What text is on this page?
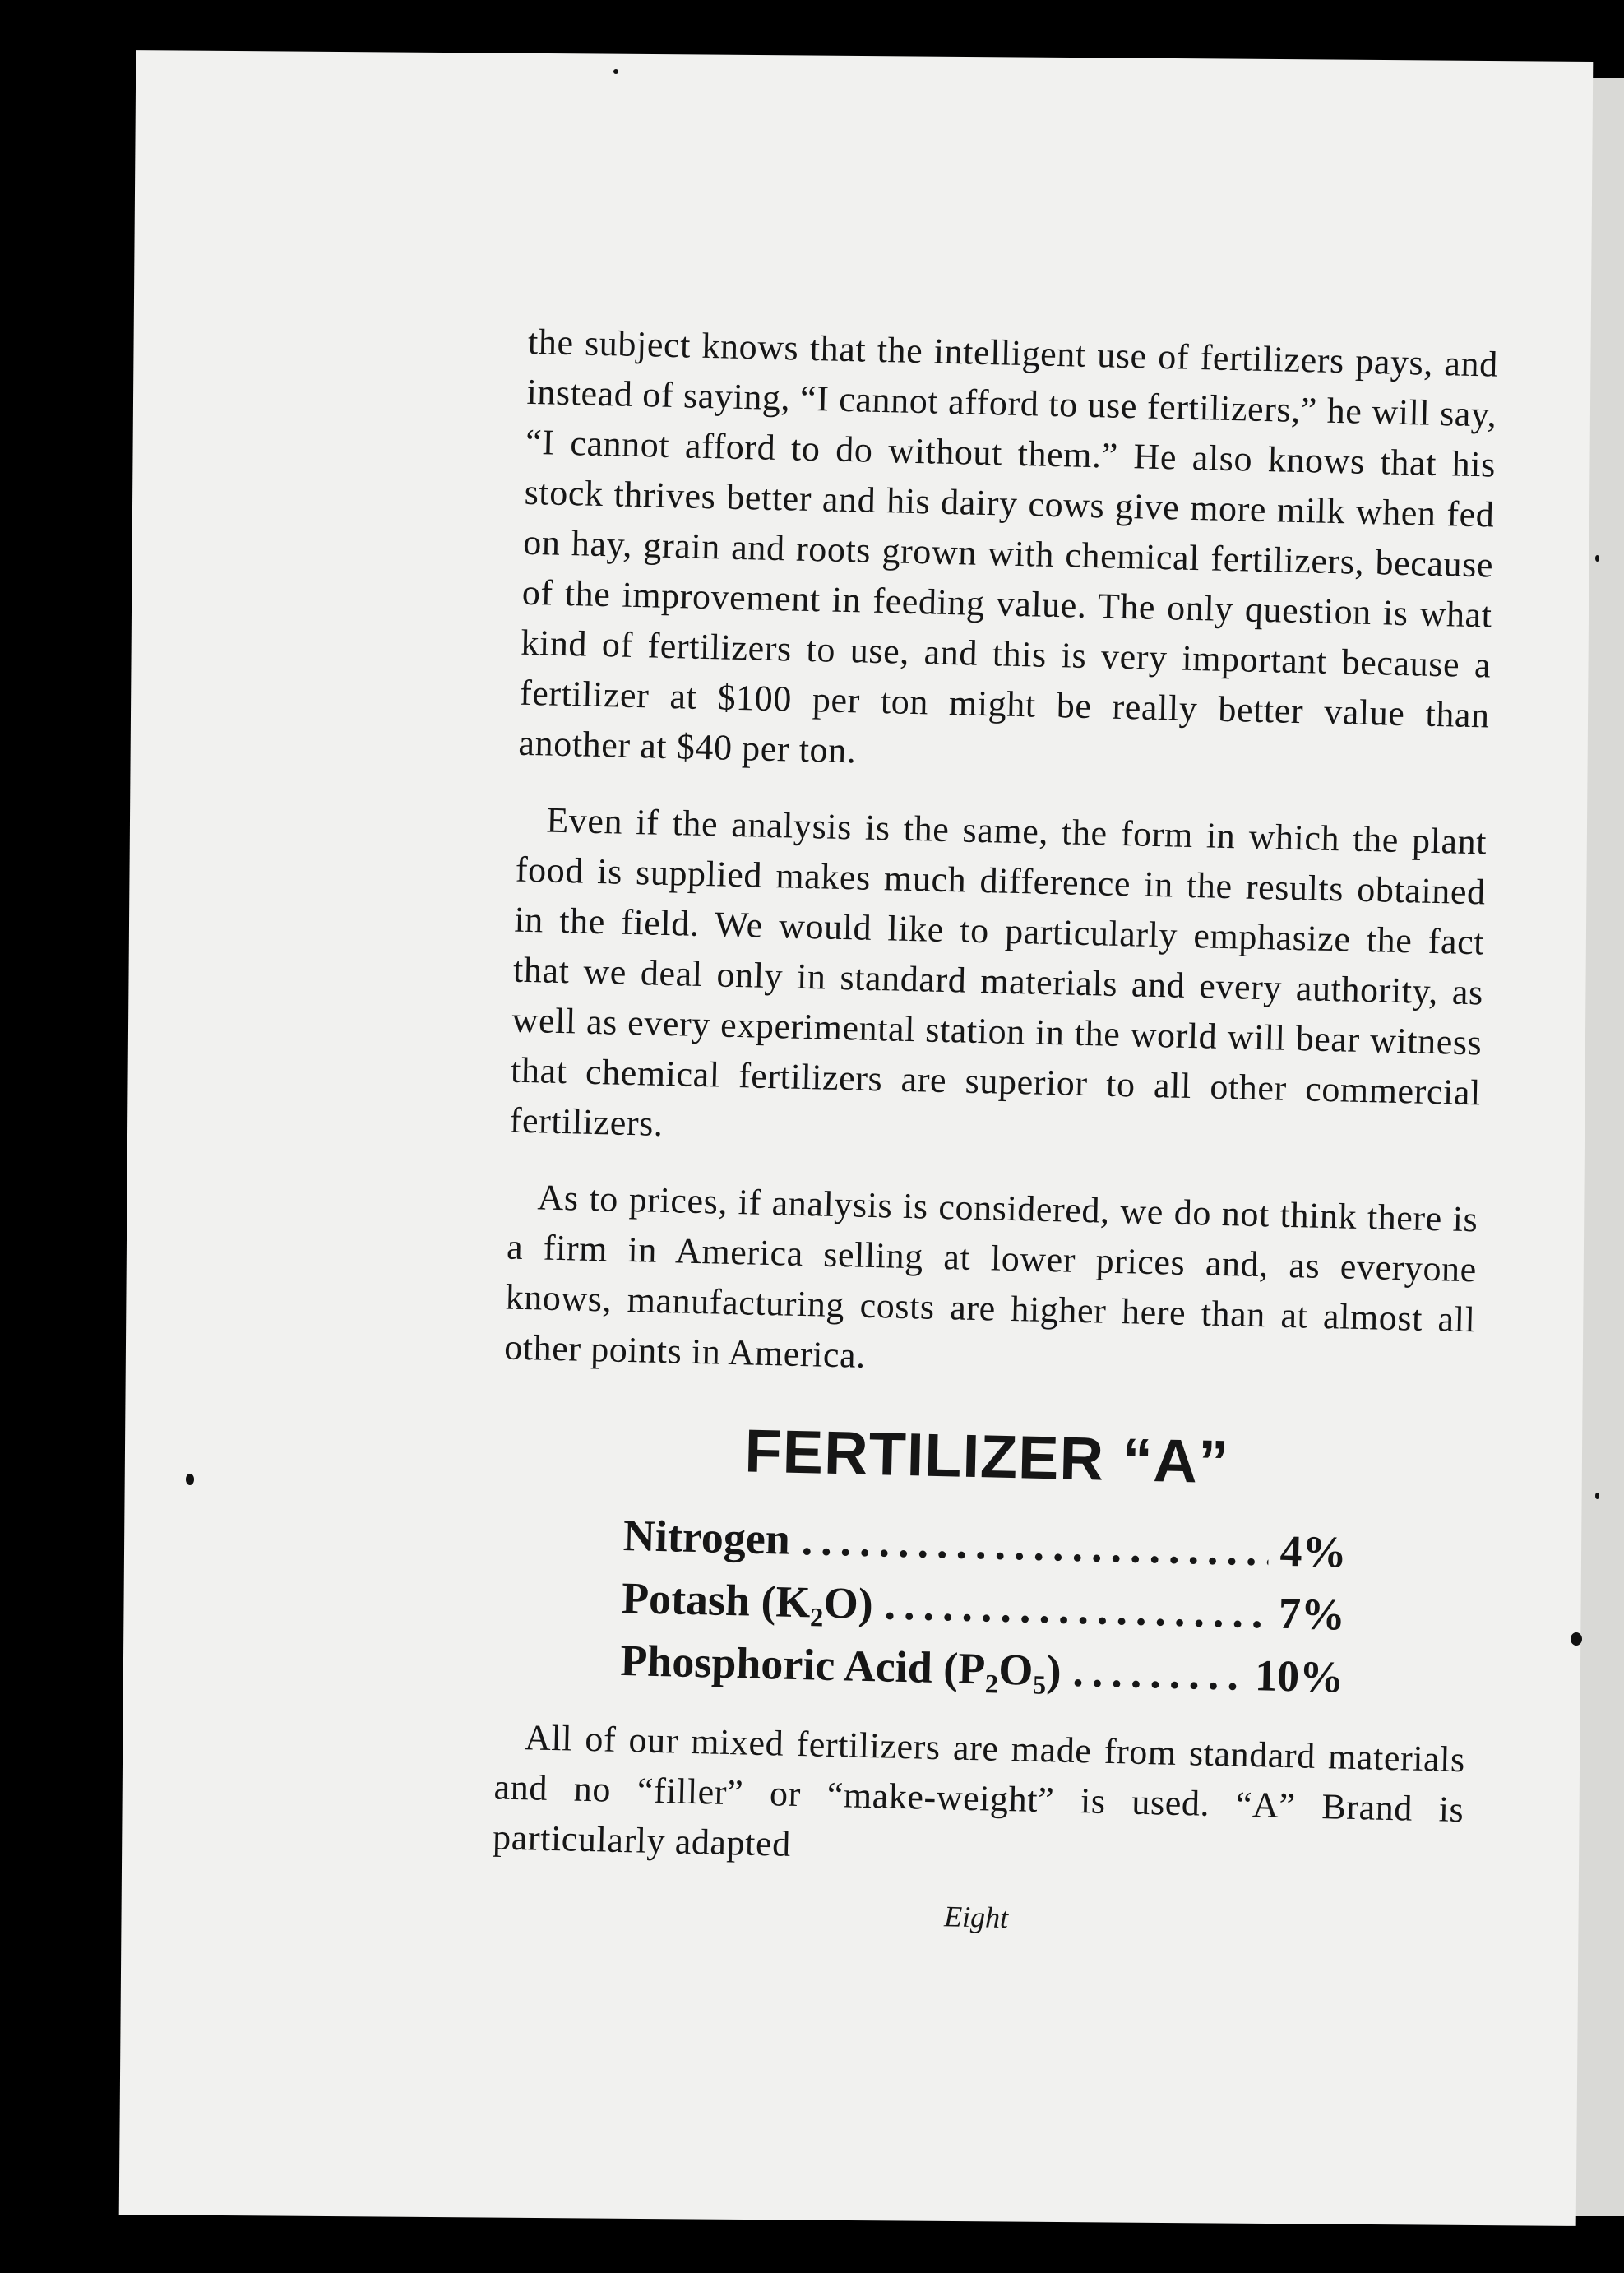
the subject knows that the intelligent use of fertilizers pays, and instead of saying, “I cannot afford to use fertilizers,” he will say, “I cannot afford to do without them.” He also knows that his stock thrives better and his dairy cows give more milk when fed on hay, grain and roots grown with chemical fertilizers, because of the improvement in feeding value. The only question is what kind of fertilizers to use, and this is very important because a fertilizer at $100 per ton might be really better value than another at $40 per ton.

Even if the analysis is the same, the form in which the plant food is supplied makes much difference in the results obtained in the field. We would like to particularly emphasize the fact that we deal only in standard materials and every authority, as well as every experimental station in the world will bear witness that chemical fertilizers are superior to all other commercial fertilizers.

As to prices, if analysis is considered, we do not think there is a firm in America selling at lower prices and, as everyone knows, manufacturing costs are higher here than at almost all other points in America.

FERTILIZER “A”
Nitrogen .....	4%
Potash (K₂O) .....	7%
Phosphoric Acid (P₂O₅) .....	10%

All of our mixed fertilizers are made from standard materials and no “filler” or “make-weight” is used. “A” Brand is particularly adapted

Eight
